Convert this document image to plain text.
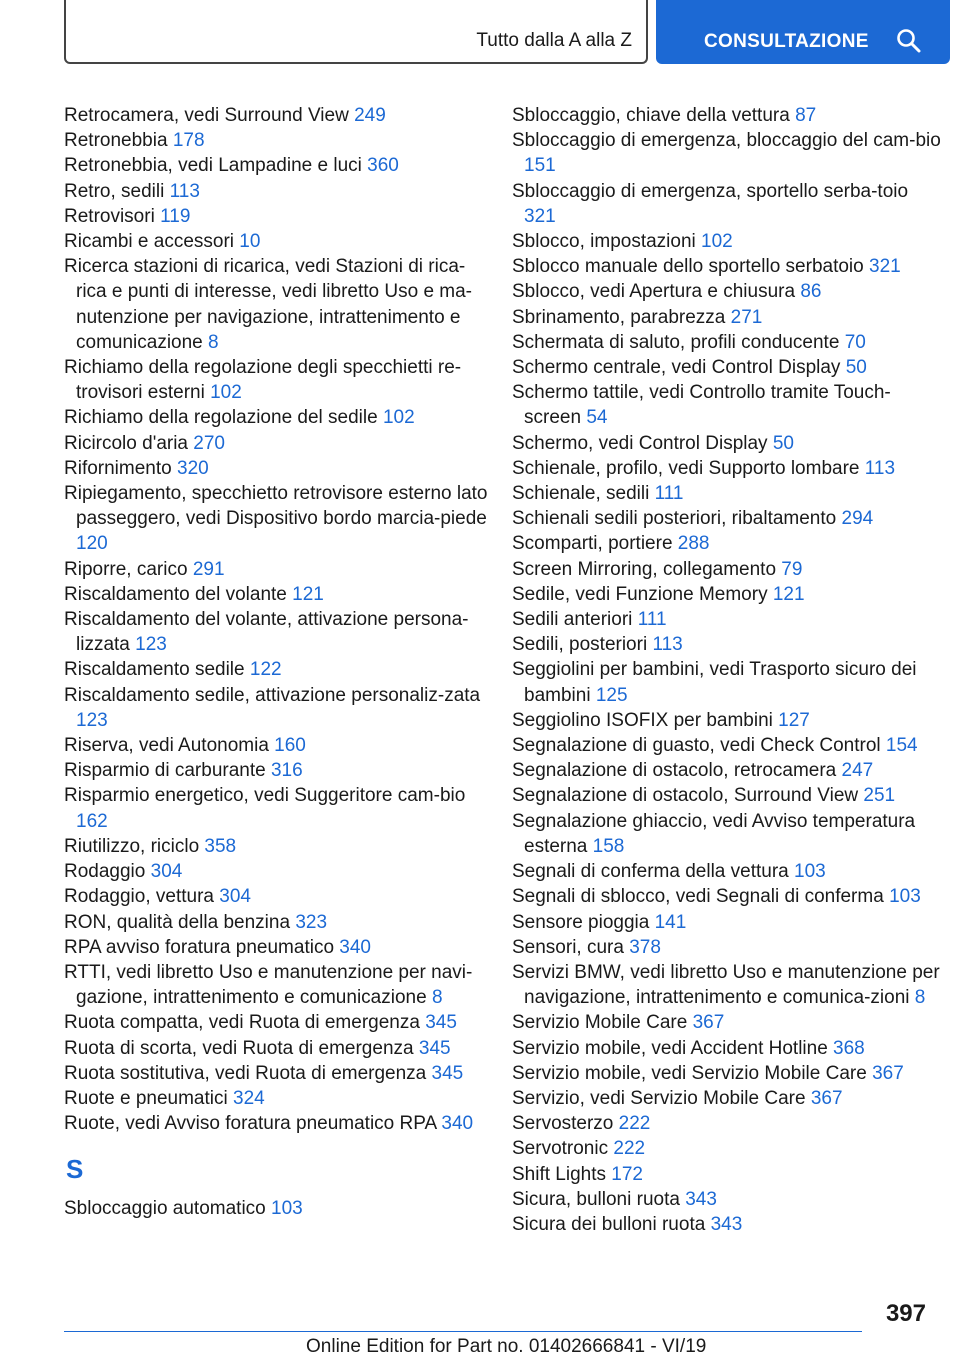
Tutto dalla A alla Z	CONSULTAZIONE
Retrocamera, vedi Surround View 249
Retronebbia 178
Retronebbia, vedi Lampadine e luci 360
Retro, sedili 113
Retrovisori 119
Ricambi e accessori 10
Ricerca stazioni di ricarica, vedi Stazioni di rica-rica e punti di interesse, vedi libretto Uso e ma-nutenzione per navigazione, intrattenimento e comunicazione 8
Richiamo della regolazione degli specchietti re-trovisori esterni 102
Richiamo della regolazione del sedile 102
Ricircolo d'aria 270
Rifornimento 320
Ripiegamento, specchietto retrovisore esterno lato passeggero, vedi Dispositivo bordo marcia-piede 120
Riporre, carico 291
Riscaldamento del volante 121
Riscaldamento del volante, attivazione persona-lizzata 123
Riscaldamento sedile 122
Riscaldamento sedile, attivazione personaliz-zata 123
Riserva, vedi Autonomia 160
Risparmio di carburante 316
Risparmio energetico, vedi Suggeritore cam-bio 162
Riutilizzo, riciclo 358
Rodaggio 304
Rodaggio, vettura 304
RON, qualità della benzina 323
RPA avviso foratura pneumatico 340
RTTI, vedi libretto Uso e manutenzione per navi-gazione, intrattenimento e comunicazione 8
Ruota compatta, vedi Ruota di emergenza 345
Ruota di scorta, vedi Ruota di emergenza 345
Ruota sostitutiva, vedi Ruota di emergenza 345
Ruote e pneumatici 324
Ruote, vedi Avviso foratura pneumatico RPA 340
S
Sbloccaggio automatico 103
Sbloccaggio, chiave della vettura 87
Sbloccaggio di emergenza, bloccaggio del cam-bio 151
Sbloccaggio di emergenza, sportello serba-toio 321
Sblocco, impostazioni 102
Sblocco manuale dello sportello serbatoio 321
Sblocco, vedi Apertura e chiusura 86
Sbrinamento, parabrezza 271
Schermata di saluto, profili conducente 70
Schermo centrale, vedi Control Display 50
Schermo tattile, vedi Controllo tramite Touch-screen 54
Schermo, vedi Control Display 50
Schienale, profilo, vedi Supporto lombare 113
Schienale, sedili 111
Schienali sedili posteriori, ribaltamento 294
Scomparti, portiere 288
Screen Mirroring, collegamento 79
Sedile, vedi Funzione Memory 121
Sedili anteriori 111
Sedili, posteriori 113
Seggiolini per bambini, vedi Trasporto sicuro dei bambini 125
Seggiolino ISOFIX per bambini 127
Segnalazione di guasto, vedi Check Control 154
Segnalazione di ostacolo, retrocamera 247
Segnalazione di ostacolo, Surround View 251
Segnalazione ghiaccio, vedi Avviso temperatura esterna 158
Segnali di conferma della vettura 103
Segnali di sblocco, vedi Segnali di conferma 103
Sensore pioggia 141
Sensori, cura 378
Servizi BMW, vedi libretto Uso e manutenzione per navigazione, intrattenimento e comunica-zioni 8
Servizio Mobile Care 367
Servizio mobile, vedi Accident Hotline 368
Servizio mobile, vedi Servizio Mobile Care 367
Servizio, vedi Servizio Mobile Care 367
Servosterzo 222
Servotronic 222
Shift Lights 172
Sicura, bulloni ruota 343
Sicura dei bulloni ruota 343
397
Online Edition for Part no. 01402666841 - VI/19
